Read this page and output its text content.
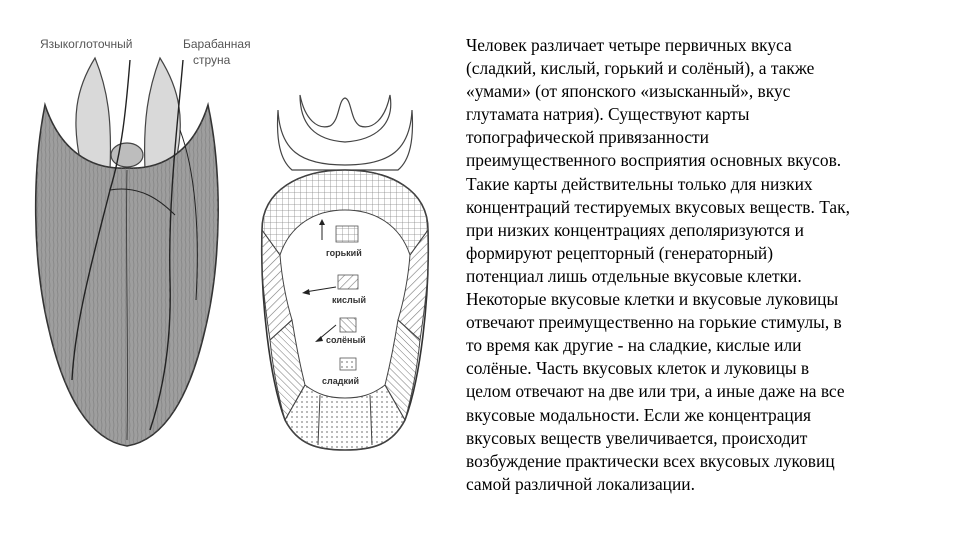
Языкоглоточный	Барабанная
струна
горький
кислый
солёный
сладкий

Человек различает четыре первичных вкуса
(сладкий, кислый, горький и солёный), а также
«умами» (от японского «изысканный», вкус
глутамата натрия). Существуют карты
топографической привязанности
преимущественного восприятия основных вкусов.
Такие карты действительны только для низких
концентраций тестируемых вкусовых веществ. Так,
при низких концентрациях деполяризуются и
формируют рецепторный (генераторный)
потенциал лишь отдельные вкусовые клетки.
Некоторые вкусовые клетки и вкусовые луковицы
отвечают преимущественно на горькие стимулы, в
то время как другие - на сладкие, кислые или
солёные. Часть вкусовых клеток и луковицы в
целом отвечают на две или три, а иные даже на все
вкусовые модальности. Если же концентрация
вкусовых веществ увеличивается, происходит
возбуждение практически всех вкусовых луковиц
самой различной локализации.
